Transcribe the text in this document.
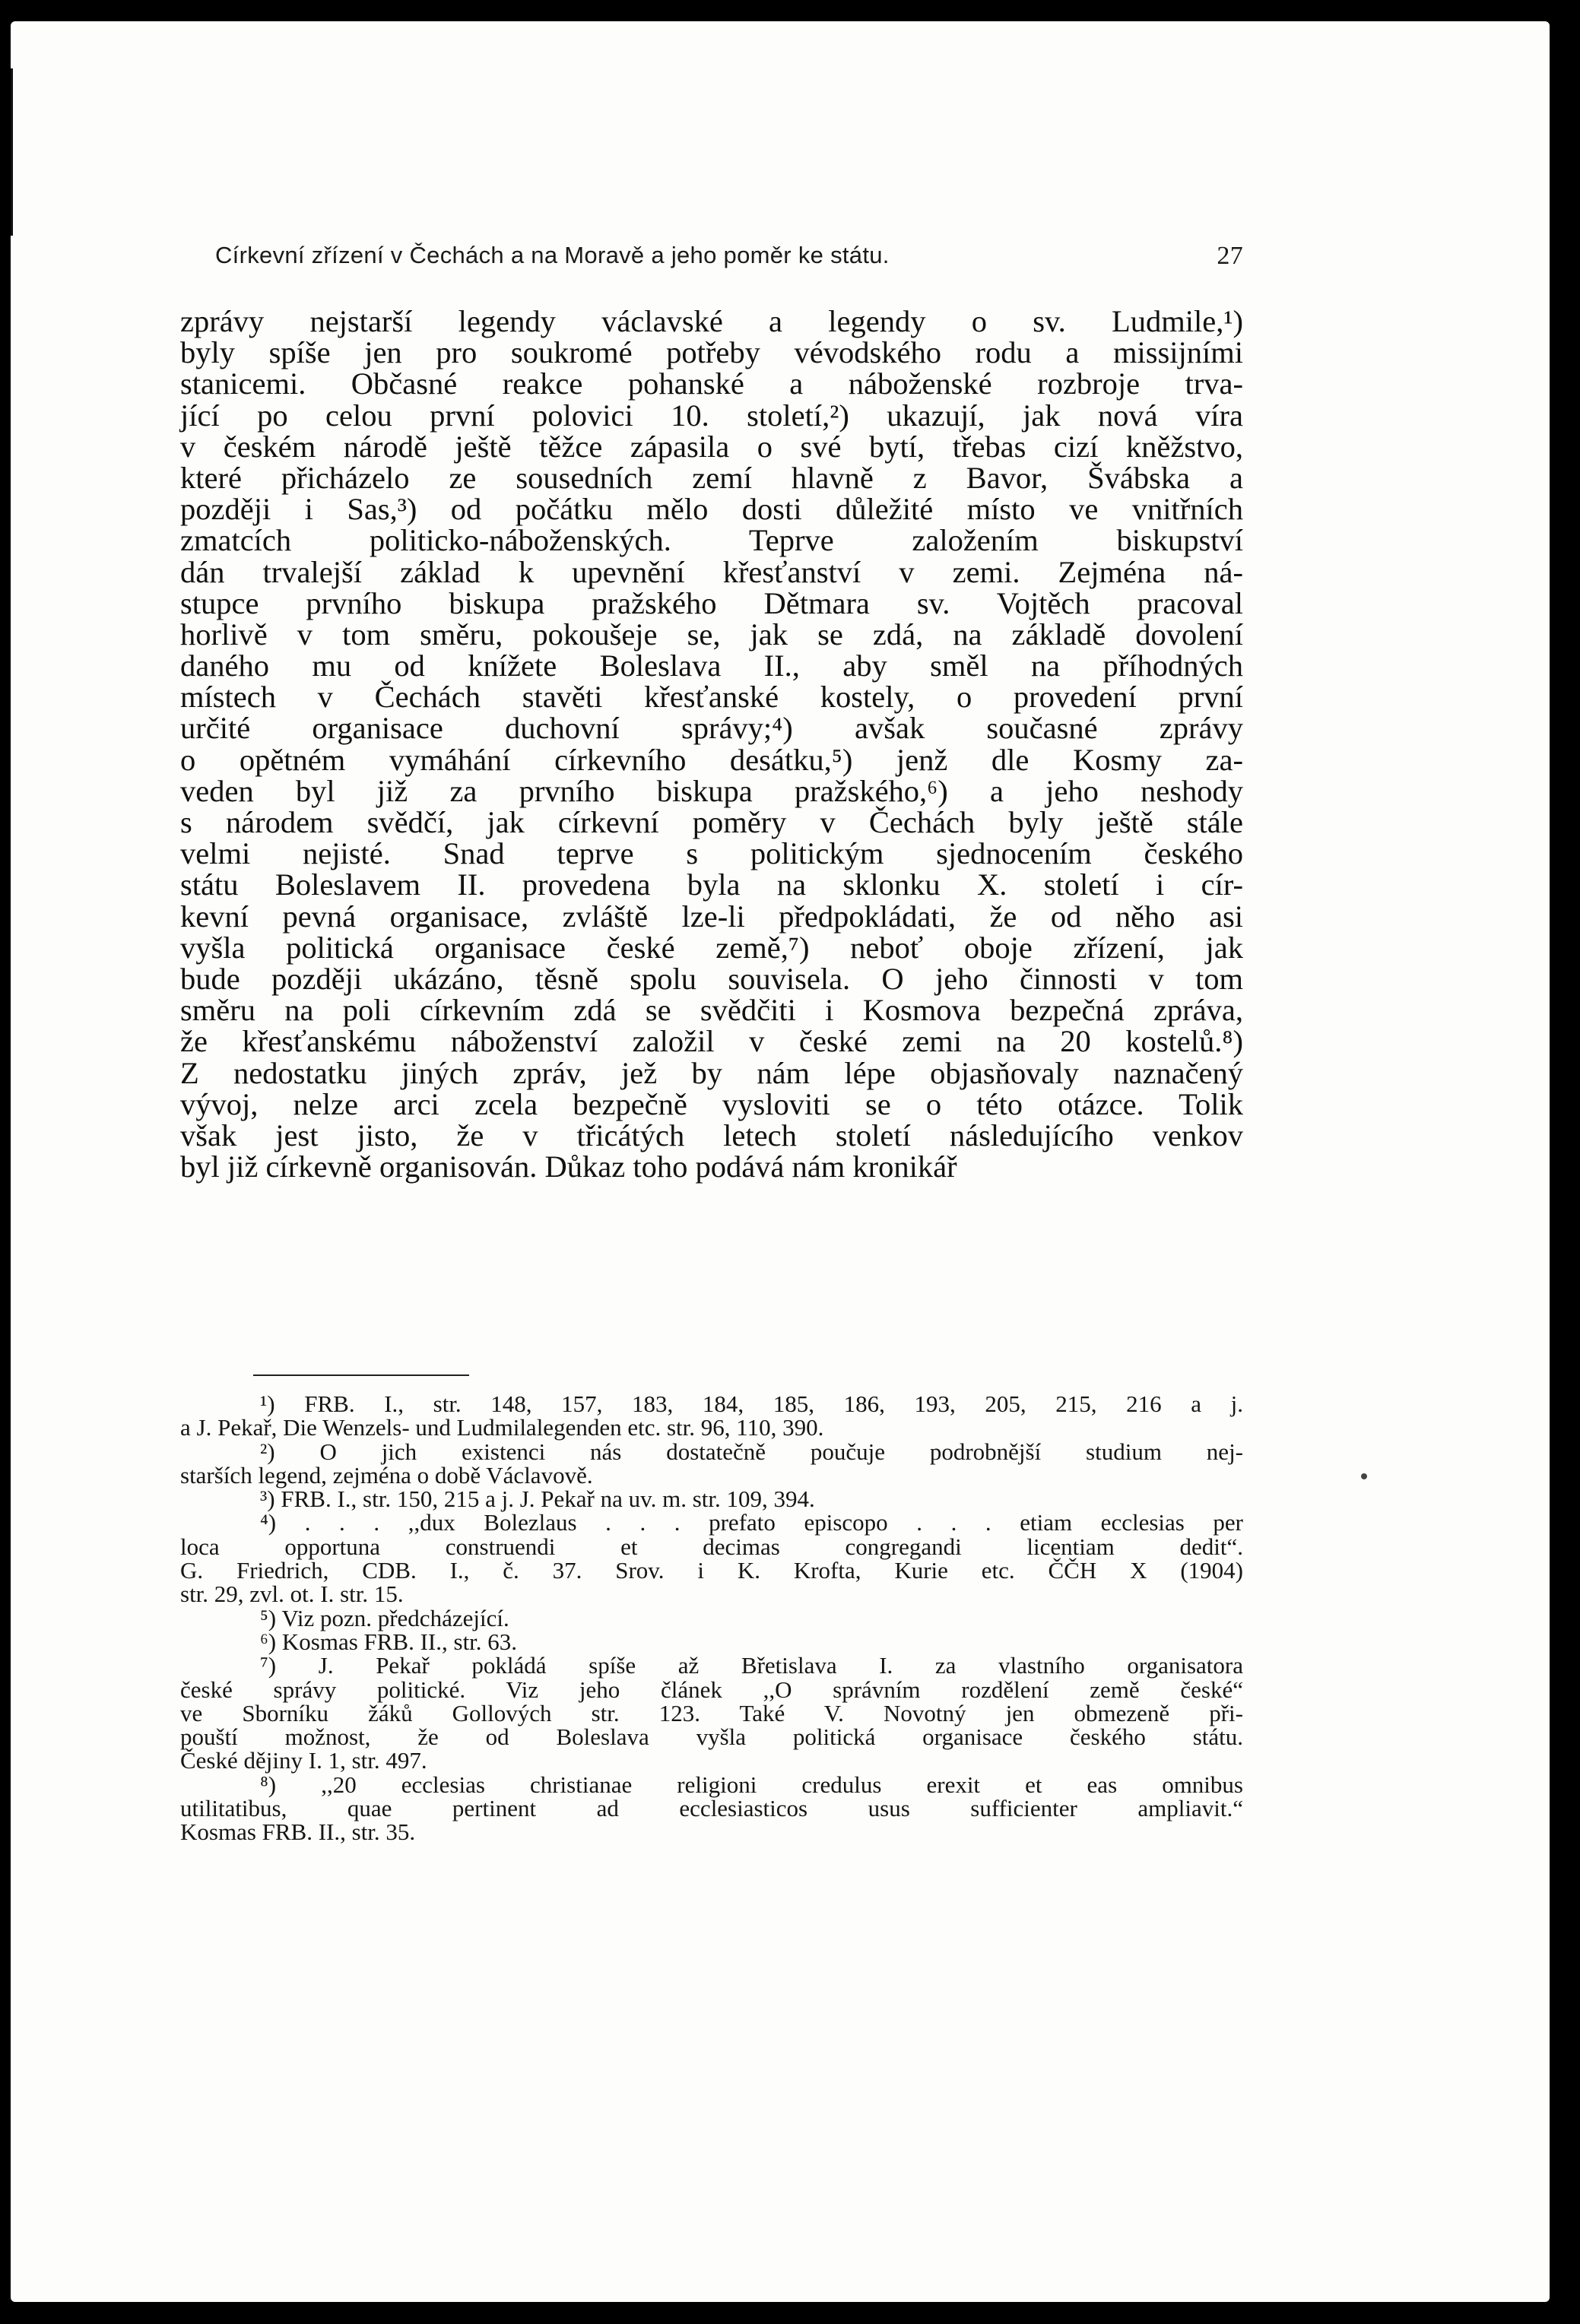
Církevní zřízení v Čechách a na Moravě a jeho poměr ke státu.	27
zprávy nejstarší legendy václavské a legendy o sv. Ludmile,¹)
byly spíše jen pro soukromé potřeby vévodského rodu a missijními
stanicemi. Občasné reakce pohanské a náboženské rozbroje trva-
jící po celou první polovici 10. století,²) ukazují, jak nová víra
v českém národě ještě těžce zápasila o své bytí, třebas cizí kněžstvo,
které přicházelo ze sousedních zemí hlavně z Bavor, Švábska a
později i Sas,³) od počátku mělo dosti důležité místo ve vnitřních
zmatcích politicko-náboženských. Teprve založením biskupství
dán trvalejší základ k upevnění křesťanství v zemi. Zejména ná-
stupce prvního biskupa pražského Dětmara sv. Vojtěch pracoval
horlivě v tom směru, pokoušeje se, jak se zdá, na základě dovolení
daného mu od knížete Boleslava II., aby směl na příhodných
místech v Čechách stavěti křesťanské kostely, o provedení první
určité organisace duchovní správy;⁴) avšak současné zprávy
o opětném vymáhání církevního desátku,⁵) jenž dle Kosmy za-
veden byl již za prvního biskupa pražského,⁶) a jeho neshody
s národem svědčí, jak církevní poměry v Čechách byly ještě stále
velmi nejisté. Snad teprve s politickým sjednocením českého
státu Boleslavem II. provedena byla na sklonku X. století i cír-
kevní pevná organisace, zvláště lze-li předpokládati, že od něho asi
vyšla politická organisace české země,⁷) neboť oboje zřízení, jak
bude později ukázáno, těsně spolu souvisela. O jeho činnosti v tom
směru na poli církevním zdá se svědčiti i Kosmova bezpečná zpráva,
že křesťanskému náboženství založil v české zemi na 20 kostelů.⁸)
Z nedostatku jiných zpráv, jež by nám lépe objasňovaly naznačený
vývoj, nelze arci zcela bezpečně vysloviti se o této otázce. Tolik
však jest jisto, že v třicátých letech století následujícího venkov
byl již církevně organisován. Důkaz toho podává nám kronikář
¹) FRB. I., str. 148, 157, 183, 184, 185, 186, 193, 205, 215, 216 a j.
a J. Pekař, Die Wenzels- und Ludmilalegenden etc. str. 96, 110, 390.
²) O jich existenci nás dostatečně poučuje podrobnější studium nej-
starších legend, zejména o době Václavově.
³) FRB. I., str. 150, 215 a j. J. Pekař na uv. m. str. 109, 394.
⁴) . . . ,,dux Bolezlaus . . . prefato episcopo . . . etiam ecclesias per
loca opportuna construendi et decimas congregandi licentiam dedit“.
G. Friedrich, CDB. I., č. 37. Srov. i K. Krofta, Kurie etc. ČČH X (1904)
str. 29, zvl. ot. I. str. 15.
⁵) Viz pozn. předcházející.
⁶) Kosmas FRB. II., str. 63.
⁷) J. Pekař pokládá spíše až Břetislava I. za vlastního organisatora
české správy politické. Viz jeho článek ,,O správním rozdělení země české“
ve Sborníku žáků Gollových str. 123. Také V. Novotný jen obmezeně při-
pouští možnost, že od Boleslava vyšla politická organisace českého státu.
České dějiny I. 1, str. 497.
⁸) ,,20 ecclesias christianae religioni credulus erexit et eas omnibus
utilitatibus, quae pertinent ad ecclesiasticos usus sufficienter ampliavit.“
Kosmas FRB. II., str. 35.
